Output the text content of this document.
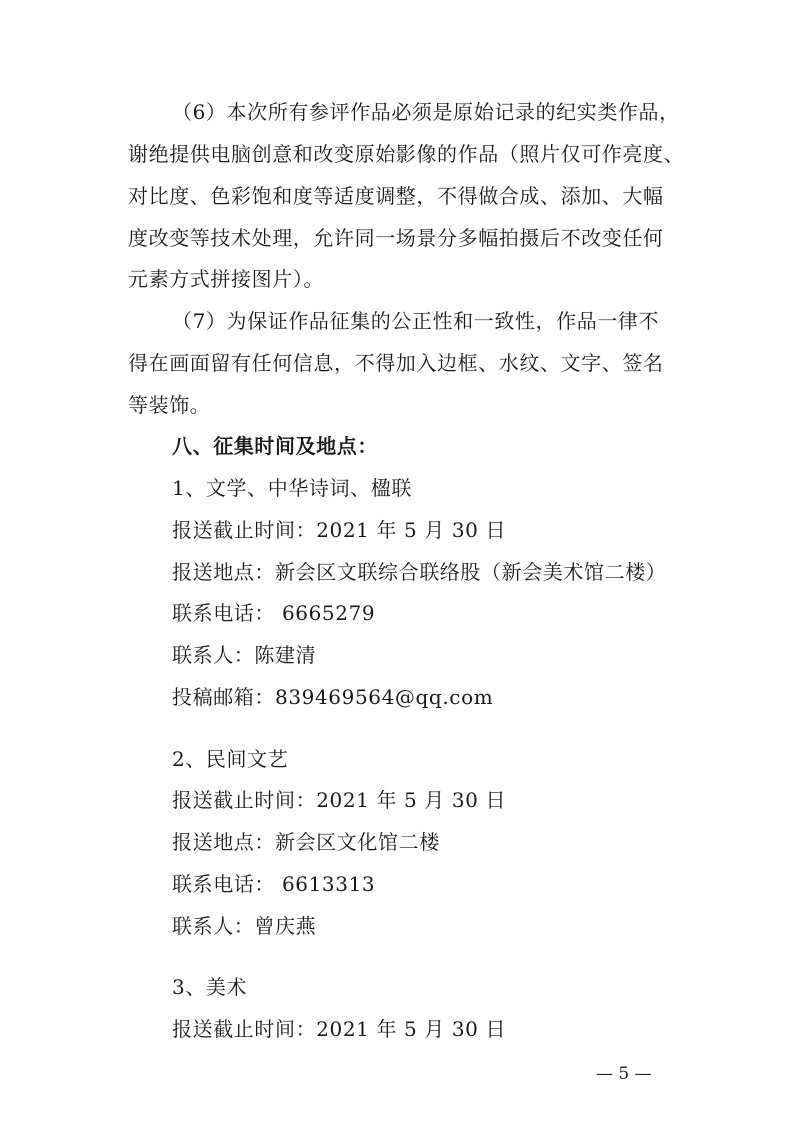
（6）本次所有参评作品必须是原始记录的纪实类作品，
谢绝提供电脑创意和改变原始影像的作品（照片仅可作亮度、
对比度、色彩饱和度等适度调整，不得做合成、添加、大幅
度改变等技术处理，允许同一场景分多幅拍摄后不改变任何
元素方式拼接图片）。
（7）为保证作品征集的公正性和一致性，作品一律不
得在画面留有任何信息，不得加入边框、水纹、文字、签名
等装饰。
八、征集时间及地点：
1、文学、中华诗词、楹联
报送截止时间：2021 年 5 月 30 日
报送地点：新会区文联综合联络股（新会美术馆二楼）
联系电话： 6665279
联系人：陈建清
投稿邮箱：839469564@qq.com
2、民间文艺
报送截止时间：2021 年 5 月 30 日
报送地点：新会区文化馆二楼
联系电话： 6613313
联系人：曾庆燕
3、美术
报送截止时间：2021 年 5 月 30 日
— 5 —
